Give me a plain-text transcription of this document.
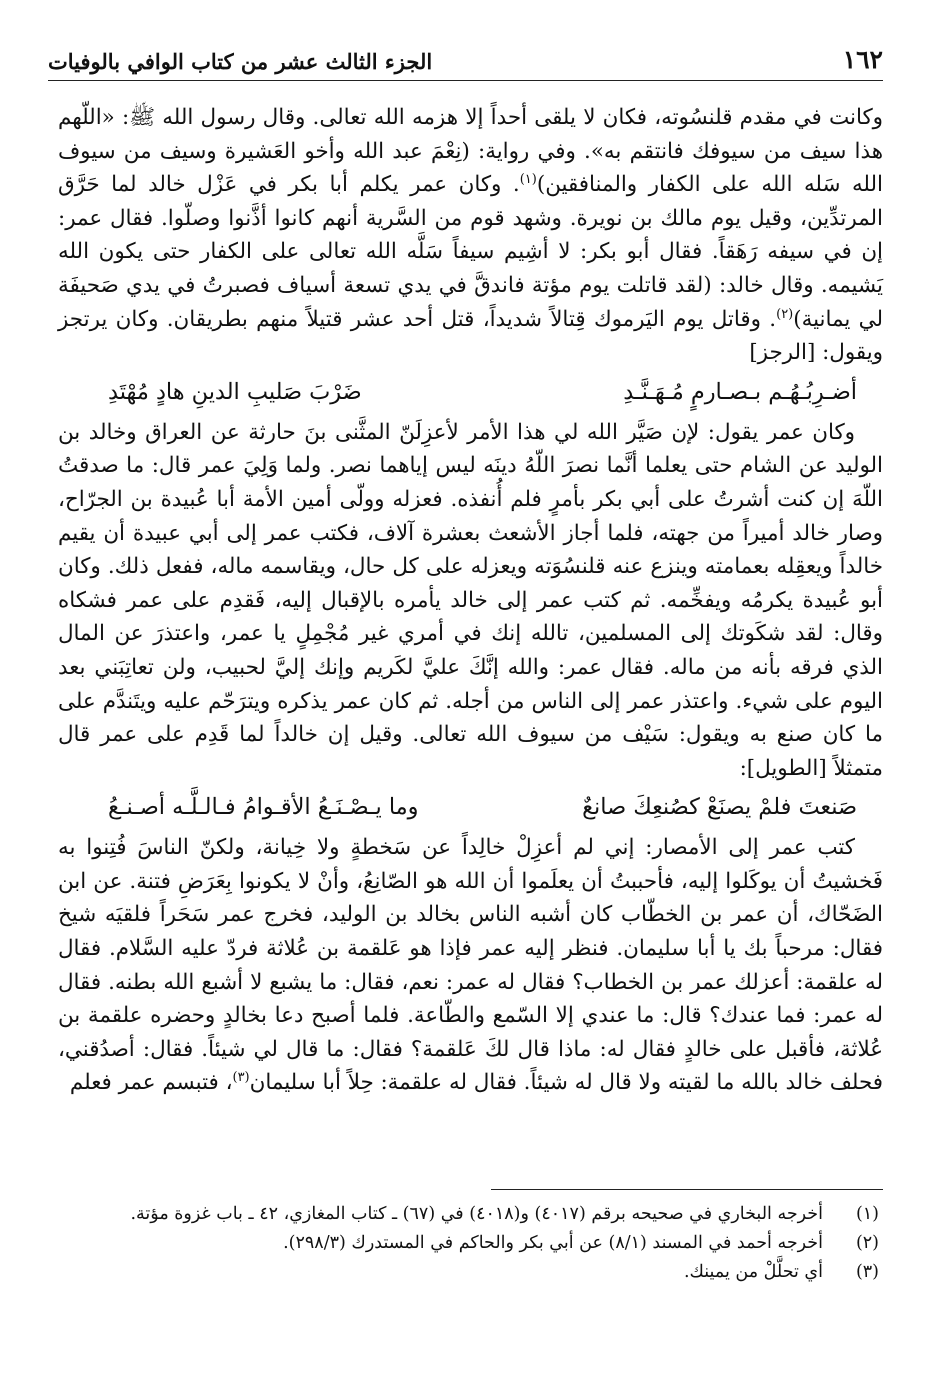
١٦٢
الجزء الثالث عشر من كتاب الوافي بالوفيات

وكانت في مقدم قلنسُوته، فكان لا يلقى أحداً إلا هزمه الله تعالى. وقال رسول الله ﷺ: «اللّهم هذا سيف من سيوفك فانتقم به». وفي رواية: (نِعْمَ عبد الله وأخو العَشيرة وسيف من سيوف الله سَله الله على الكفار والمنافقين)$^{(١)}$. وكان عمر يكلم أبا بكر في عَزْل خالد لما حَرَّق المرتدِّين، وقيل يوم مالك بن نويرة. وشهد قوم من السَّرية أنهم كانوا أذَّنوا وصلّوا. فقال عمر: إن في سيفه رَهَقاً. فقال أبو بكر: لا أشِيم سيفاً سَلَّه الله تعالى على الكفار حتى يكون الله يَشيمه. وقال خالد: (لقد قاتلت يوم مؤتة فاندقَّ في يدي تسعة أسياف فصبرتُ في يدي صَحيفَة لي يمانية)$^{(٢)}$. وقاتل يوم اليَرموك قِتالاً شديداً، قتل أحد عشر قتيلاً منهم بطريقان. وكان يرتجز ويقول: [الرجز]

أضـرِبُـهُـم بـصـارمٍ مُـهَـنَّـدِ
ضَرْبَ صَليبِ الدينِ هادٍ مُهْتَدِ

وكان عمر يقول: لإن صَيَّر الله لي هذا الأمر لأعزِلَنّ المثَّنى بنَ حارثة عن العراق وخالد بن الوليد عن الشام حتى يعلما أنَّما نصرَ اللّهُ دينَه ليس إياهما نصر. ولما وَلِيَ عمر قال: ما صدقتُ اللّهَ إن كنت أشرتُ على أبي بكر بأمرٍ فلم أُنفذه. فعزله وولّى أمين الأمة أبا عُبيدة بن الجرّاح، وصار خالد أميراً من جهته، فلما أجاز الأشعث بعشرة آلاف، فكتب عمر إلى أبي عبيدة أن يقيم خالداً ويعقِله بعمامته وينزع عنه قلنسُوَته ويعزله على كل حال، ويقاسمه ماله، ففعل ذلك. وكان أبو عُبيدة يكرمُه ويفخِّمه. ثم كتب عمر إلى خالد يأمره بالإقبال إليه، فَقدِم على عمر فشكاه وقال: لقد شكَوتك إلى المسلمين، تالله إنك في أمري غير مُجْمِلٍ يا عمر، واعتذرَ عن المال الذي فرقه بأنه من ماله. فقال عمر: والله إنَّكَ عليَّ لكَريم وإنك إليَّ لحبيب، ولن تعاتِبَني بعد اليوم على شيء. واعتذر عمر إلى الناس من أجله. ثم كان عمر يذكره ويترَحّم عليه ويتَندَّم على ما كان صنع به ويقول: سَيْف من سيوف الله تعالى. وقيل إن خالداً لما قَدِم على عمر قال متمثلاً [الطويل]:

صَنعتَ فلمْ يصنَعْ كصُنعِكَ صانعٌ
وما يـصْـنَـعُ الأقـوامُ فـالـلَّـه أصـنـعُ

كتب عمر إلى الأمصار: إني لم أعزِلْ خالِداً عن سَخطةٍ ولا خِيانة، ولكنّ الناسَ فُتِنوا به فَخشيتُ أن يوكَلوا إليه، فأحببتُ أن يعلَموا أن الله هو الصّانِعُ، وأنْ لا يكونوا بِعَرَضِ فتنة. عن ابن الضَحّاك، أن عمر بن الخطّاب كان أشبه الناس بخالد بن الوليد، فخرج عمر سَحَراً فلقيَه شيخ فقال: مرحباً بك يا أبا سليمان. فنظر إليه عمر فإذا هو عَلقمة بن عُلاثة فردّ عليه السَّلام. فقال له علقمة: أعزلك عمر بن الخطاب؟ فقال له عمر: نعم، فقال: ما يشبع لا أشبع الله بطنه. فقال له عمر: فما عندك؟ قال: ما عندي إلا السّمع والطّاعة. فلما أصبح دعا بخالدٍ وحضره علقمة بن عُلاثة، فأقبل على خالدٍ فقال له: ماذا قال لكَ عَلقمة؟ فقال: ما قال لي شيئاً. فقال: أصدُقني، فحلف خالد بالله ما لقيته ولا قال له شيئاً. فقال له علقمة: حِلاً أبا سليمان$^{(٣)}$، فتبسم عمر فعلم

(١)
أخرجه البخاري في صحيحه برقم (٤٠١٧) و(٤٠١٨) في (٦٧) ـ كتاب المغازي، ٤٢ ـ باب غزوة مؤتة.
(٢)
أخرجه أحمد في المسند (٨/١) عن أبي بكر والحاكم في المستدرك (٢٩٨/٣).
(٣)
أي تحلَّلْ من يمينك.
